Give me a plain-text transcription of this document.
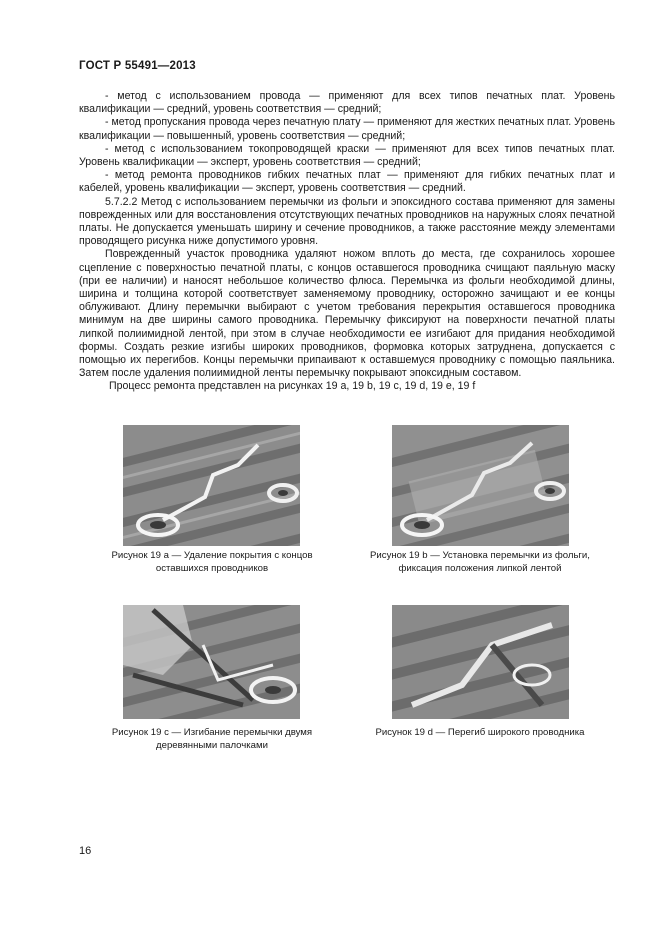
ГОСТ Р 55491—2013

- метод с использованием провода — применяют для всех типов печатных плат. Уровень квалификации — средний, уровень соответствия — средний;

- метод пропускания провода через печатную плату — применяют для жестких печатных плат. Уровень квалификации — повышенный, уровень соответствия — средний;

- метод с использованием токопроводящей краски — применяют для всех типов печатных плат. Уровень квалификации — эксперт, уровень соответствия — средний;

- метод ремонта проводников гибких печатных плат — применяют для гибких печатных плат и кабелей, уровень квалификации — эксперт, уровень соответствия — средний.

5.7.2.2 Метод с использованием перемычки из фольги и эпоксидного состава применяют для замены поврежденных или для восстановления отсутствующих печатных проводников на наружных слоях печатной платы. Не допускается уменьшать ширину и сечение проводников, а также расстояние между элементами проводящего рисунка ниже допустимого уровня.

Поврежденный участок проводника удаляют ножом вплоть до места, где сохранилось хорошее сцепление с поверхностью печатной платы, с концов оставшегося проводника счищают паяльную маску (при ее наличии) и наносят небольшое количество флюса. Перемычка из фольги необходимой длины, ширина и толщина которой соответствует заменяемому проводнику, осторожно зачищают и ее концы облуживают. Длину перемычки выбирают с учетом требования перекрытия оставшегося проводника минимум на две ширины самого проводника. Перемычку фиксируют на поверхности печатной платы липкой полиимидной лентой, при этом в случае необходимости ее изгибают для придания необходимой формы. Создать резкие изгибы широких проводников, формовка которых затруднена, допускается с помощью их перегибов. Концы перемычки припаивают к оставшемуся проводнику с помощью паяльника. Затем после удаления полиимидной ленты перемычку покрывают эпоксидным составом.

Процесс ремонта представлен на рисунках 19 a, 19 b, 19 c, 19 d, 19 e, 19 f

Рисунок 19 a — Удаление покрытия с концов
оставшихся проводников
Рисунок 19 b — Установка перемычки из фольги,
фиксация положения липкой лентой
Рисунок 19 c — Изгибание перемычки двумя
деревянными палочками
Рисунок 19 d — Перегиб широкого проводника
16
